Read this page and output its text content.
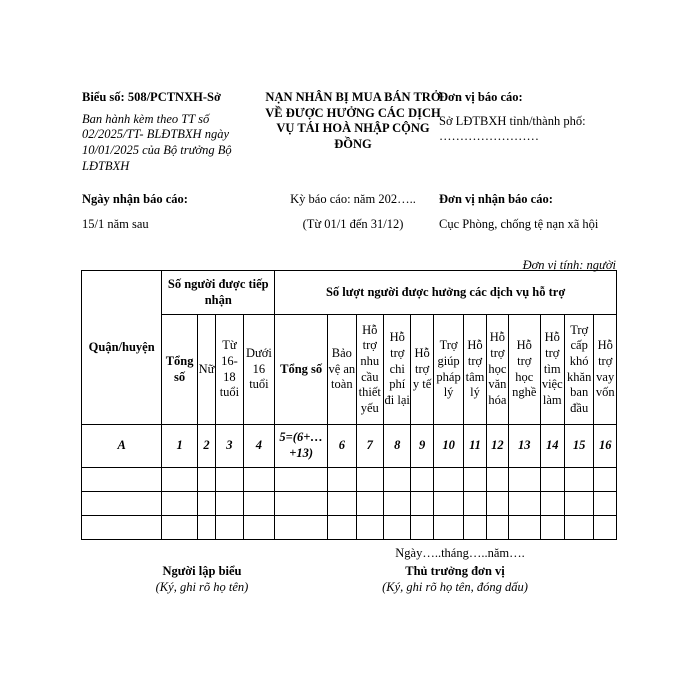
Biểu số: 508/PCTNXH-Sở
Ban hành kèm theo TT số 02/2025/TT- BLĐTBXH ngày 10/01/2025 của Bộ trưởng Bộ LĐTBXH
NẠN NHÂN BỊ MUA BÁN TRỞ VỀ ĐƯỢC HƯỞNG CÁC DỊCH VỤ TÁI HOÀ NHẬP CỘNG ĐỒNG
Đơn vị báo cáo:
Sở LĐTBXH tỉnh/thành phố: ……………………
Ngày nhận báo cáo:
15/1 năm sau
Kỳ báo cáo: năm 202…..
(Từ 01/1 đến 31/12)
Đơn vị nhận báo cáo:
Cục Phòng, chống tệ nạn xã hội
Đơn vị tính: người
Quận/huyện	Số người được tiếp nhận				Số lượt người được hưởng các dịch vụ hỗ trợ											
	Tổng số	Nữ	Từ 16-18 tuổi	Dưới 16 tuổi	Tổng số	Bảo vệ an toàn	Hỗ trợ nhu cầu thiết yếu	Hỗ trợ chi phí đi lại	Hỗ trợ y tế	Trợ giúp pháp lý	Hỗ trợ tâm lý	Hỗ trợ học văn hóa	Hỗ trợ học nghề	Hỗ trợ tìm việc làm	Trợ cấp khó khăn ban đầu	Hỗ trợ vay vốn
A	1	2	3	4	5=(6+…+13)	6	7	8	9	10	11	12	13	14	15	16

Ngày…..tháng…..năm….
Người lập biểu
(Ký, ghi rõ họ tên)
Thủ trưởng đơn vị
(Ký, ghi rõ họ tên, đóng dấu)
